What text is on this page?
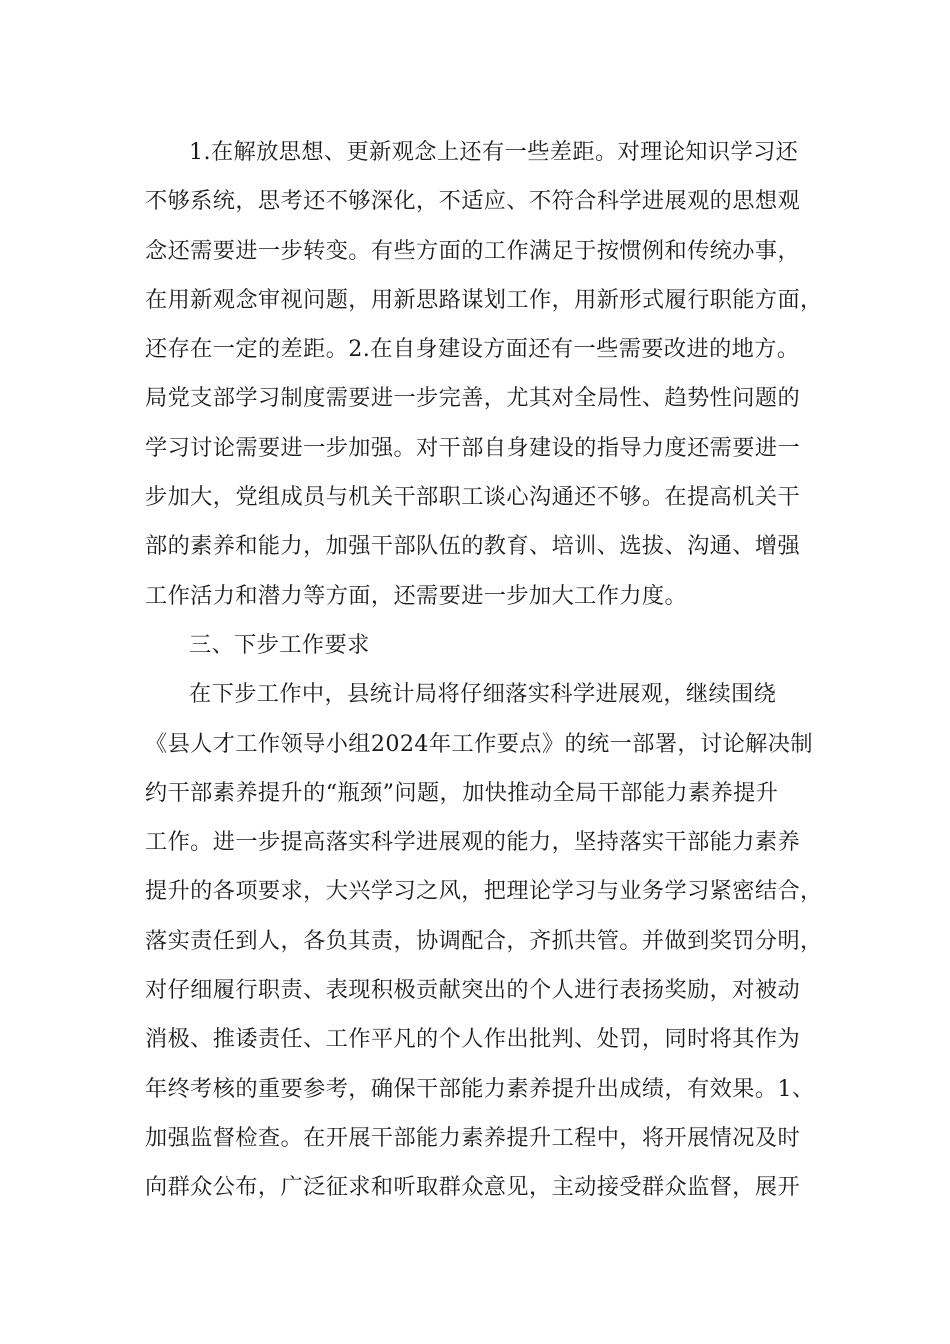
1.在解放思想、更新观念上还有一些差距。对理论知识学习还
不够系统，思考还不够深化，不适应、不符合科学进展观的思想观
念还需要进一步转变。有些方面的工作满足于按惯例和传统办事，
在用新观念审视问题，用新思路谋划工作，用新形式履行职能方面，
还存在一定的差距。2.在自身建设方面还有一些需要改进的地方。
局党支部学习制度需要进一步完善，尤其对全局性、趋势性问题的
学习讨论需要进一步加强。对干部自身建设的指导力度还需要进一
步加大，党组成员与机关干部职工谈心沟通还不够。在提高机关干
部的素养和能力，加强干部队伍的教育、培训、选拔、沟通、增强
工作活力和潜力等方面，还需要进一步加大工作力度。
三、下步工作要求
在下步工作中，县统计局将仔细落实科学进展观，继续围绕
《县人才工作领导小组2024年工作要点》的统一部署，讨论解决制
约干部素养提升的“瓶颈”问题，加快推动全局干部能力素养提升
工作。进一步提高落实科学进展观的能力，坚持落实干部能力素养
提升的各项要求，大兴学习之风，把理论学习与业务学习紧密结合，
落实责任到人，各负其责，协调配合，齐抓共管。并做到奖罚分明，
对仔细履行职责、表现积极贡献突出的个人进行表扬奖励，对被动
消极、推诿责任、工作平凡的个人作出批判、处罚，同时将其作为
年终考核的重要参考，确保干部能力素养提升出成绩，有效果。1、
加强监督检查。在开展干部能力素养提升工程中，将开展情况及时
向群众公布，广泛征求和听取群众意见，主动接受群众监督，展开
